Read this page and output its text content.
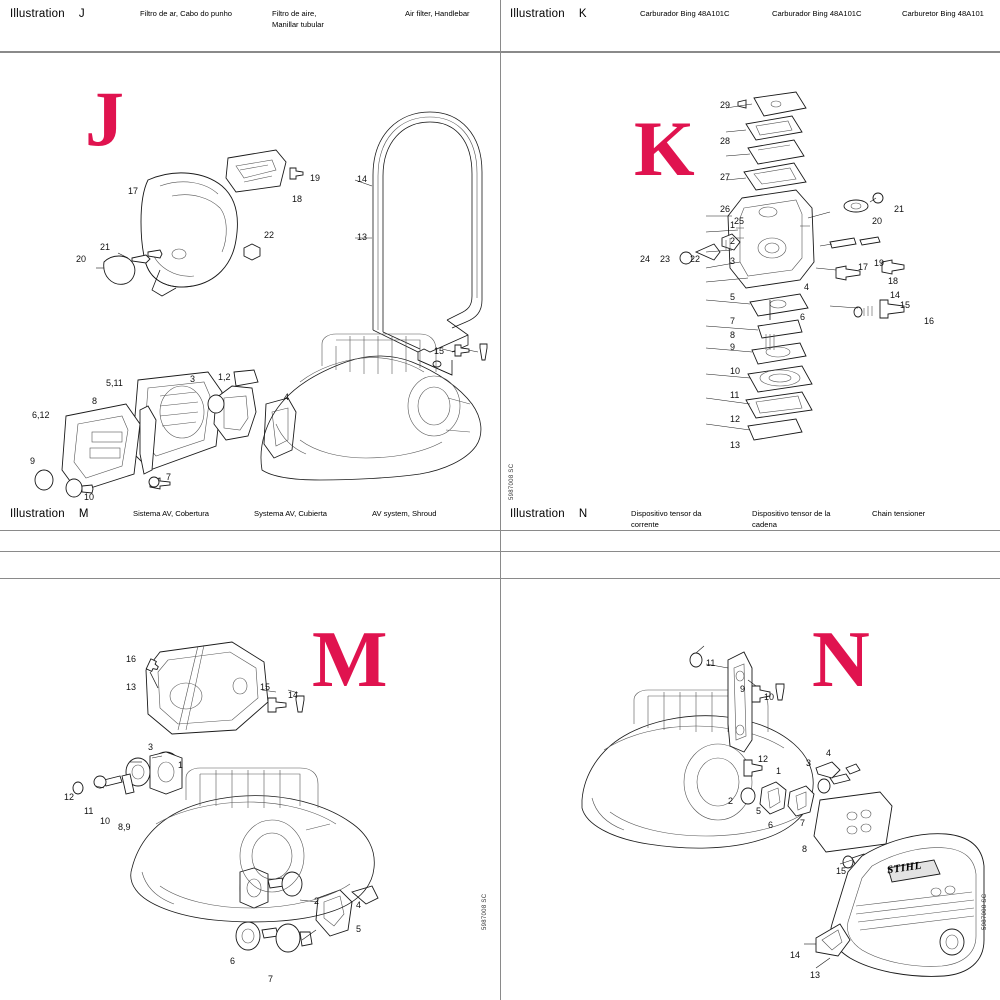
Illustration J	Filtro de ar, Cabo do punho	Filtro de aire,
Manillar tubular
Air filter, Handlebar
J
17
19
18
22
21
20
5,11	3	1,2
4
8
6,12
9
10
7
14
13
15
Illustration K	Carburador Bing 48A101C	Carburador Bing 48A101C	Carburetor Bing 48A101
K	29
28
27
26
25
24 23 22
21
20
19
18
17
16
15
14
13
12
11
10
9
8
7	6
5
4
3
2
1
5987008 SC
Illustration M	Sistema AV, Cobertura	Systema AV, Cubierta	AV system, Shroud
M
16
13	15
14
3
1
12
11
10
8,9
2	4
5
6
7
5987008 SC
Illustration N	Dispositivo tensor da
corrente
Dispositivo tensor de la
cadena
Chain tensioner
N
11
9
10
12
1
3
4
2
5
6	7
8
15
14
13
5987008 SC
STIHL
